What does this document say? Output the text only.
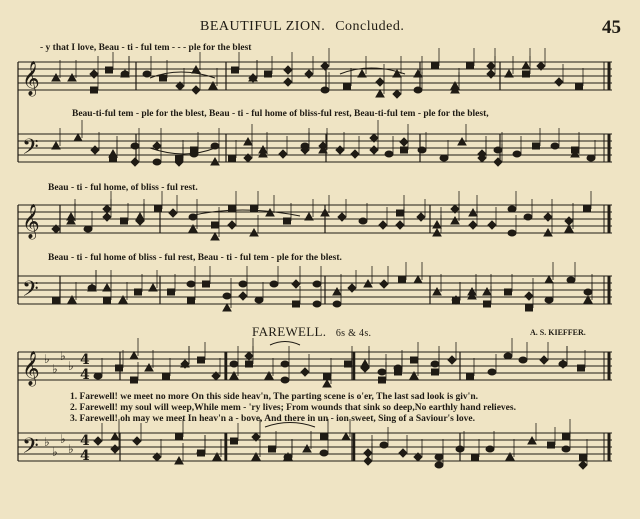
BEAUTIFUL ZION. Concluded.	45
𝄞
𝄞
𝄞
𝄢
𝄢
𝄢
♭
♭
♭
♭
♭
♭
♭
♭
4
4
4
4
- y that I love, Beau - ti - ful tem - - - ple for the blest
Beau-ti-ful tem - ple for the blest, Beau - ti - ful home of bliss-ful rest, Beau-ti-ful tem - ple for the blest,
Beau - ti - ful home, of bliss - ful rest.
Beau - ti - ful home of bliss - ful rest, Beau - ti - ful tem - ple for the blest.
FAREWELL. 6s & 4s.	A. S. KIEFFER.
1. Farewell! we meet no more On this side heav'n, The parting scene is o'er, The last sad look is giv'n.
2. Farewell! my soul will weep,While mem - 'ry lives; From wounds that sink so deep,No earthly hand relieves.
3. Farewell! oh may we meet In heav'n a - bove, And there in un - ion sweet, Sing of a Saviour's love.
